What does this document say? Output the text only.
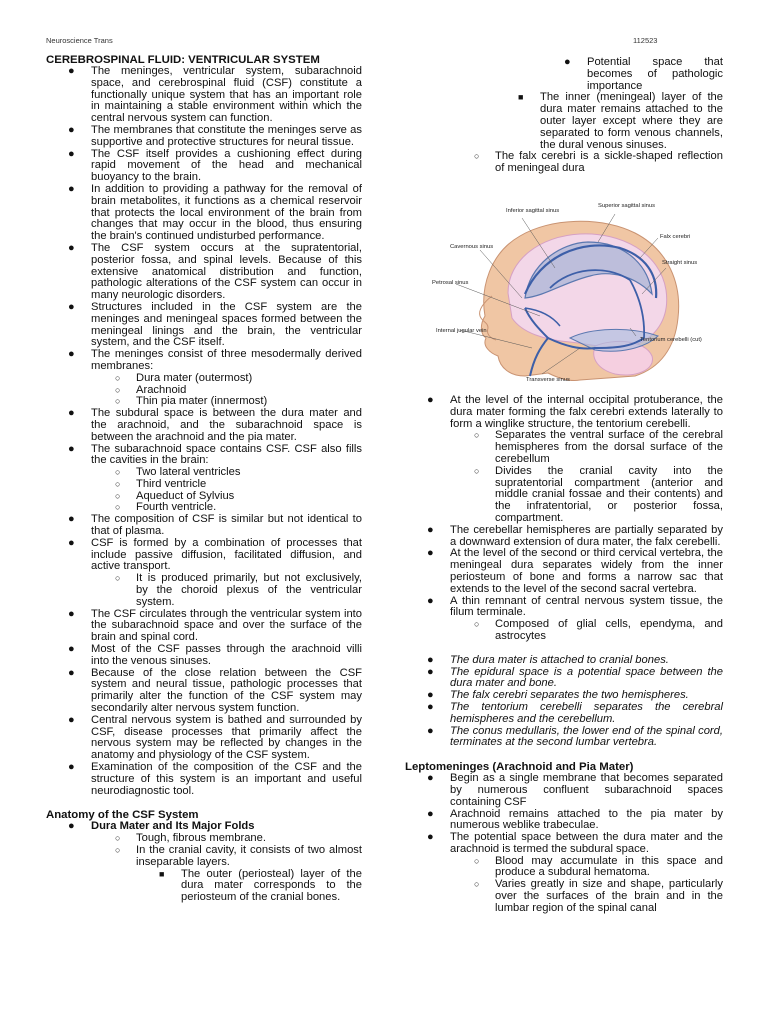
Neuroscience Trans	112523
CEREBROSPINAL FLUID: VENTRICULAR SYSTEM
● The meninges, ventricular system, subarachnoid space, and cerebrospinal fluid (CSF) constitute a functionally unique system that has an important role in maintaining a stable environment within which the central nervous system can function.
● The membranes that constitute the meninges serve as supportive and protective structures for neural tissue.
● The CSF itself provides a cushioning effect during rapid movement of the head and mechanical buoyancy to the brain.
● In addition to providing a pathway for the removal of brain metabolites, it functions as a chemical reservoir that protects the local environment of the brain from changes that may occur in the blood, thus ensuring the brain's continued undisturbed performance.
● The CSF system occurs at the supratentorial, posterior fossa, and spinal levels. Because of this extensive anatomical distribution and function, pathologic alterations of the CSF system can occur in many neurologic disorders.
● Structures included in the CSF system are the meninges and meningeal spaces formed between the meningeal linings and the brain, the ventricular system, and the CSF itself.
● The meninges consist of three mesodermally derived membranes:
○ Dura mater (outermost)
○ Arachnoid
○ Thin pia mater (innermost)
● The subdural space is between the dura mater and the arachnoid, and the subarachnoid space is between the arachnoid and the pia mater.
● The subarachnoid space contains CSF. CSF also fills the cavities in the brain:
○ Two lateral ventricles
○ Third ventricle
○ Aqueduct of Sylvius
○ Fourth ventricle.
● The composition of CSF is similar but not identical to that of plasma.
● CSF is formed by a combination of processes that include passive diffusion, facilitated diffusion, and active transport.
○ It is produced primarily, but not exclusively, by the choroid plexus of the ventricular system.
● The CSF circulates through the ventricular system into the subarachnoid space and over the surface of the brain and spinal cord.
● Most of the CSF passes through the arachnoid villi into the venous sinuses.
● Because of the close relation between the CSF system and neural tissue, pathologic processes that primarily alter the function of the CSF system may secondarily alter nervous system function.
● Central nervous system is bathed and surrounded by CSF, disease processes that primarily affect the nervous system may be reflected by changes in the anatomy and physiology of the CSF system.
● Examination of the composition of the CSF and the structure of this system is an important and useful neurodiagnostic tool.
Anatomy of the CSF System
● Dura Mater and Its Major Folds
○ Tough, fibrous membrane.
○ In the cranial cavity, it consists of two almost inseparable layers.
■ The outer (periosteal) layer of the dura mater corresponds to the periosteum of the cranial bones.
● Potential space that becomes of pathologic importance
■ The inner (meningeal) layer of the dura mater remains attached to the outer layer except where they are separated to form venous channels, the dural venous sinuses.
○ The falx cerebri is a sickle-shaped reflection of meningeal dura
Inferior sagittal sinus
Superior sagittal sinus
Falx cerebri
Cavernous sinus
Straight sinus
Petrosal sinus
Internal jugular vein
Tentorium cerebelli (cut)
Transverse sinus
● At the level of the internal occipital protuberance, the dura mater forming the falx cerebri extends laterally to form a winglike structure, the tentorium cerebelli.
○ Separates the ventral surface of the cerebral hemispheres from the dorsal surface of the cerebellum
○ Divides the cranial cavity into the supratentorial compartment (anterior and middle cranial fossae and their contents) and the infratentorial, or posterior fossa, compartment.
● The cerebellar hemispheres are partially separated by a downward extension of dura mater, the falx cerebelli.
● At the level of the second or third cervical vertebra, the meningeal dura separates widely from the inner periosteum of bone and forms a narrow sac that extends to the level of the second sacral vertebra.
● A thin remnant of central nervous system tissue, the filum terminale.
○ Composed of glial cells, ependyma, and astrocytes
● The dura mater is attached to cranial bones.
● The epidural space is a potential space between the dura mater and bone.
● The falx cerebri separates the two hemispheres.
● The tentorium cerebelli separates the cerebral hemispheres and the cerebellum.
● The conus medullaris, the lower end of the spinal cord, terminates at the second lumbar vertebra.
Leptomeninges (Arachnoid and Pia Mater)
● Begin as a single membrane that becomes separated by numerous confluent subarachnoid spaces containing CSF
● Arachnoid remains attached to the pia mater by numerous weblike trabeculae.
● The potential space between the dura mater and the arachnoid is termed the subdural space.
○ Blood may accumulate in this space and produce a subdural hematoma.
○ Varies greatly in size and shape, particularly over the surfaces of the brain and in the lumbar region of the spinal canal
